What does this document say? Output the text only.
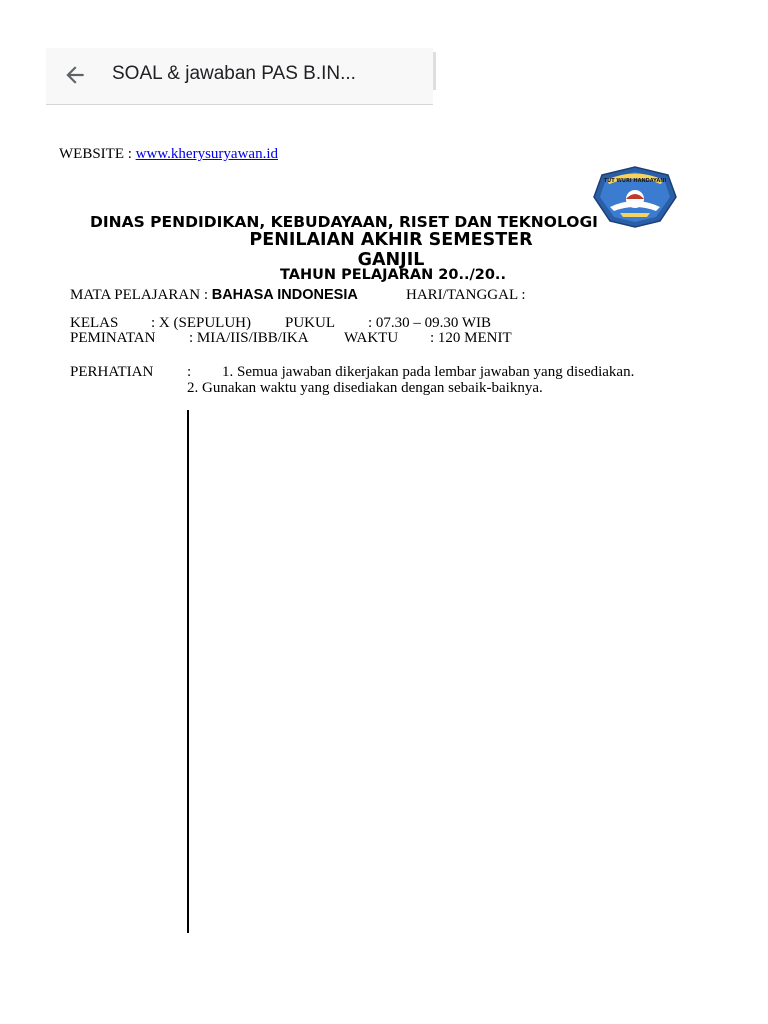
SOAL & jawaban PAS B.IN...
WEBSITE : www.kherysuryawan.id
TUT WURI HANDAYANI
DINAS PENDIDIKAN, KEBUDAYAAN, RISET DAN TEKNOLOGI
PENILAIAN AKHIR SEMESTER
GANJIL
TAHUN PELAJARAN 20../20..
MATA PELAJARAN : BAHASA INDONESIA	HARI/TANGGAL :
KELAS : X (SEPULUH) PUKUL : 07.30 – 09.30 WIB
PEMINATAN : MIA/IIS/IBB/IKA WAKTU : 120 MENIT
PERHATIAN : 1. Semua jawaban dikerjakan pada lembar jawaban yang disediakan.
2. Gunakan waktu yang disediakan dengan sebaik-baiknya.
